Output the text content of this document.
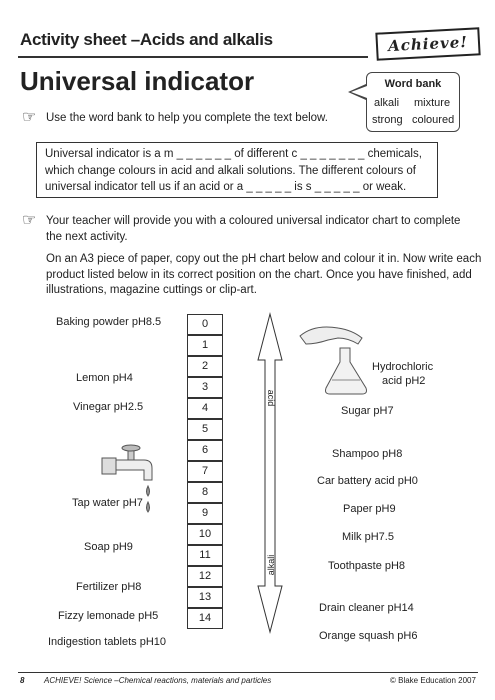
Activity sheet –Acids and alkalis	Achieve!
Universal indicator	Word bank
alkali mixture
strong coloured
☞ Use the word bank to help you complete the text below.
Universal indicator is a m _ _ _ _ _ _ of different c _ _ _ _ _ _ _ chemicals,
which change colours in acid and alkali solutions. The different colours of
universal indicator tell us if an acid or a _ _ _ _ _ is s _ _ _ _ _ or weak.
☞ Your teacher will provide you with a coloured universal indicator chart to complete
the next activity.
On an A3 piece of paper, copy out the pH chart below and colour it in. Now write each
product listed below in its correct position on the chart. Once you have finished, add
illustrations, magazine cuttings or clip-art.
0
1
2
3
4
5
6
7
8
9
10
11
12
13
14
acid
alkali
Baking powder pH8.5
Lemon pH4
Vinegar pH2.5
Tap water pH7
Soap pH9
Fertilizer pH8
Fizzy lemonade pH5
Indigestion tablets pH10
Hydrochloric
acid pH2
Sugar pH7
Shampoo pH8
Car battery acid pH0
Paper pH9
Milk pH7.5
Toothpaste pH8
Drain cleaner pH14
Orange squash pH6
8 ACHIEVE! Science –Chemical reactions, materials and particles	© Blake Education 2007
